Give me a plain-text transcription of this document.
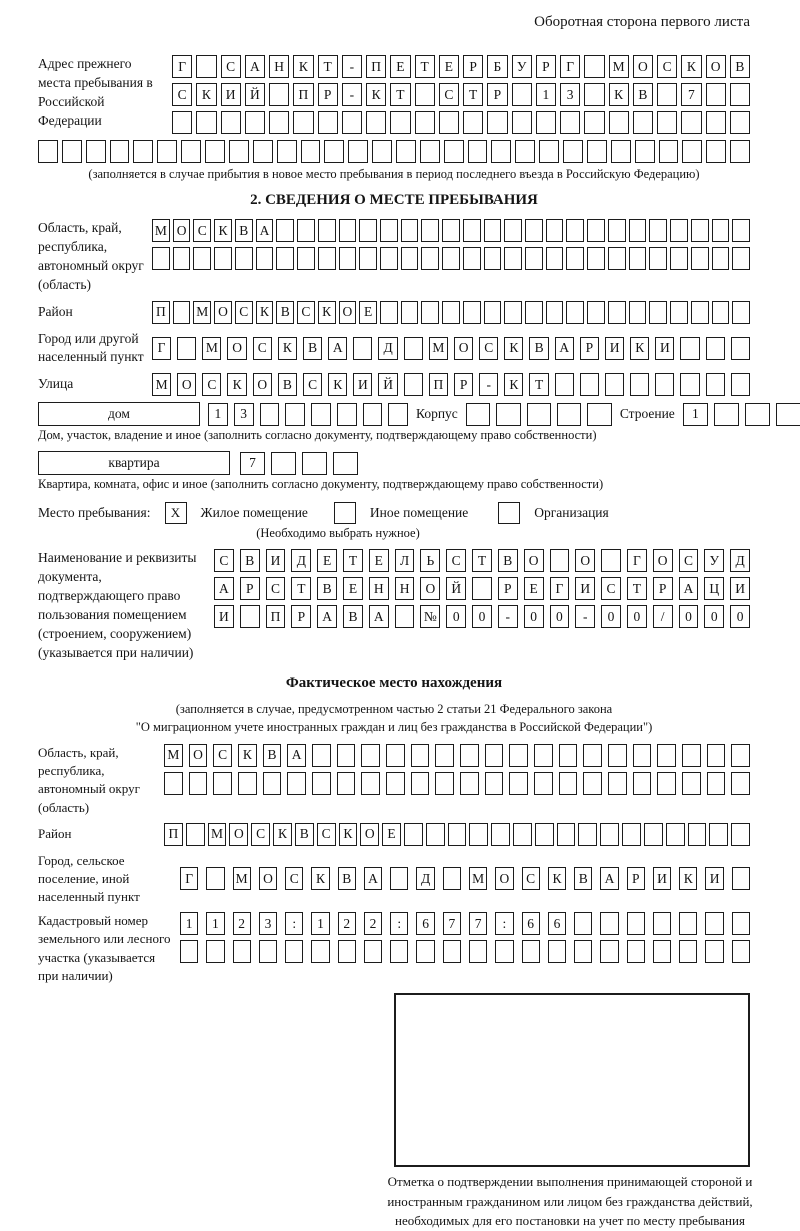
Оборотная сторона первого листа
Адрес прежнего места пребывания в Российской Федерации
Г	С	А	Н	К	Т	-	П	Е	Т	Е	Р	Б	У	Р	Г	М О	С	К	О	В
С	К	И	Й	П	Р	-	К	Т	С	Т	Р	1	3	К	В	7
(заполняется в случае прибытия в новое место пребывания в период последнего въезда в Российскую Федерацию)
2. СВЕДЕНИЯ О МЕСТЕ ПРЕБЫВАНИЯ
Область, край, республика, автономный округ (область)
М О С К В А
Район	П М О С К В С К О Е
Город или другой населенный пункт
Г	М	О	С	К	В	А	Д	М	О	С	К	В	А	Р	И	К	И
Улица	М	О	С	К	О	В	С	К	И	Й	П	Р	-	К	Т
дом	1	3	Корпус	Строение	1
Дом, участок, владение и иное (заполнить согласно документу, подтверждающему право собственности)
квартира	7
Квартира, комната, офис и иное (заполнить согласно документу, подтверждающему право собственности)
Место пребывания:	X	Жилое помещение	Иное помещение	Организация
(Необходимо выбрать нужное)
Наименование и реквизиты документа, подтверждающего право пользования помещением (строением, сооружением) (указывается при наличии)
С	В	И	Д	Е	Т	Е	Л	Ь	С	Т	В	О	О	Г	О	С	У	Д
А	Р	С	Т	В	Е	Н	Н	О	Й	Р	Е	Г	И	С	Т	Р	А	Ц	И
И	П	Р	А	В	А	№	0	0	-	0	0	-	0	0	/	0	0	0
Фактическое место нахождения
(заполняется в случае, предусмотренном частью 2 статьи 21 Федерального закона
"О миграционном учете иностранных граждан и лиц без гражданства в Российской Федерации")
Область, край, республика, автономный округ (область)
М	О	С	К	В	А
Район	П	М О С К В С К О Е
Город, сельское поселение, иной населенный пункт
Г	М	О	С	К	В	А	Д	М	О	С	К	В	А	Р	И	К	И
Кадастровый номер земельного или лесного участка (указывается при наличии)
1	1	2	3	:	1	2	2	:	6	7	7	:	6	6
Отметка о подтверждении выполнения принимающей стороной и иностранным гражданином или лицом без гражданства действий, необходимых для его постановки на учет по месту пребывания
